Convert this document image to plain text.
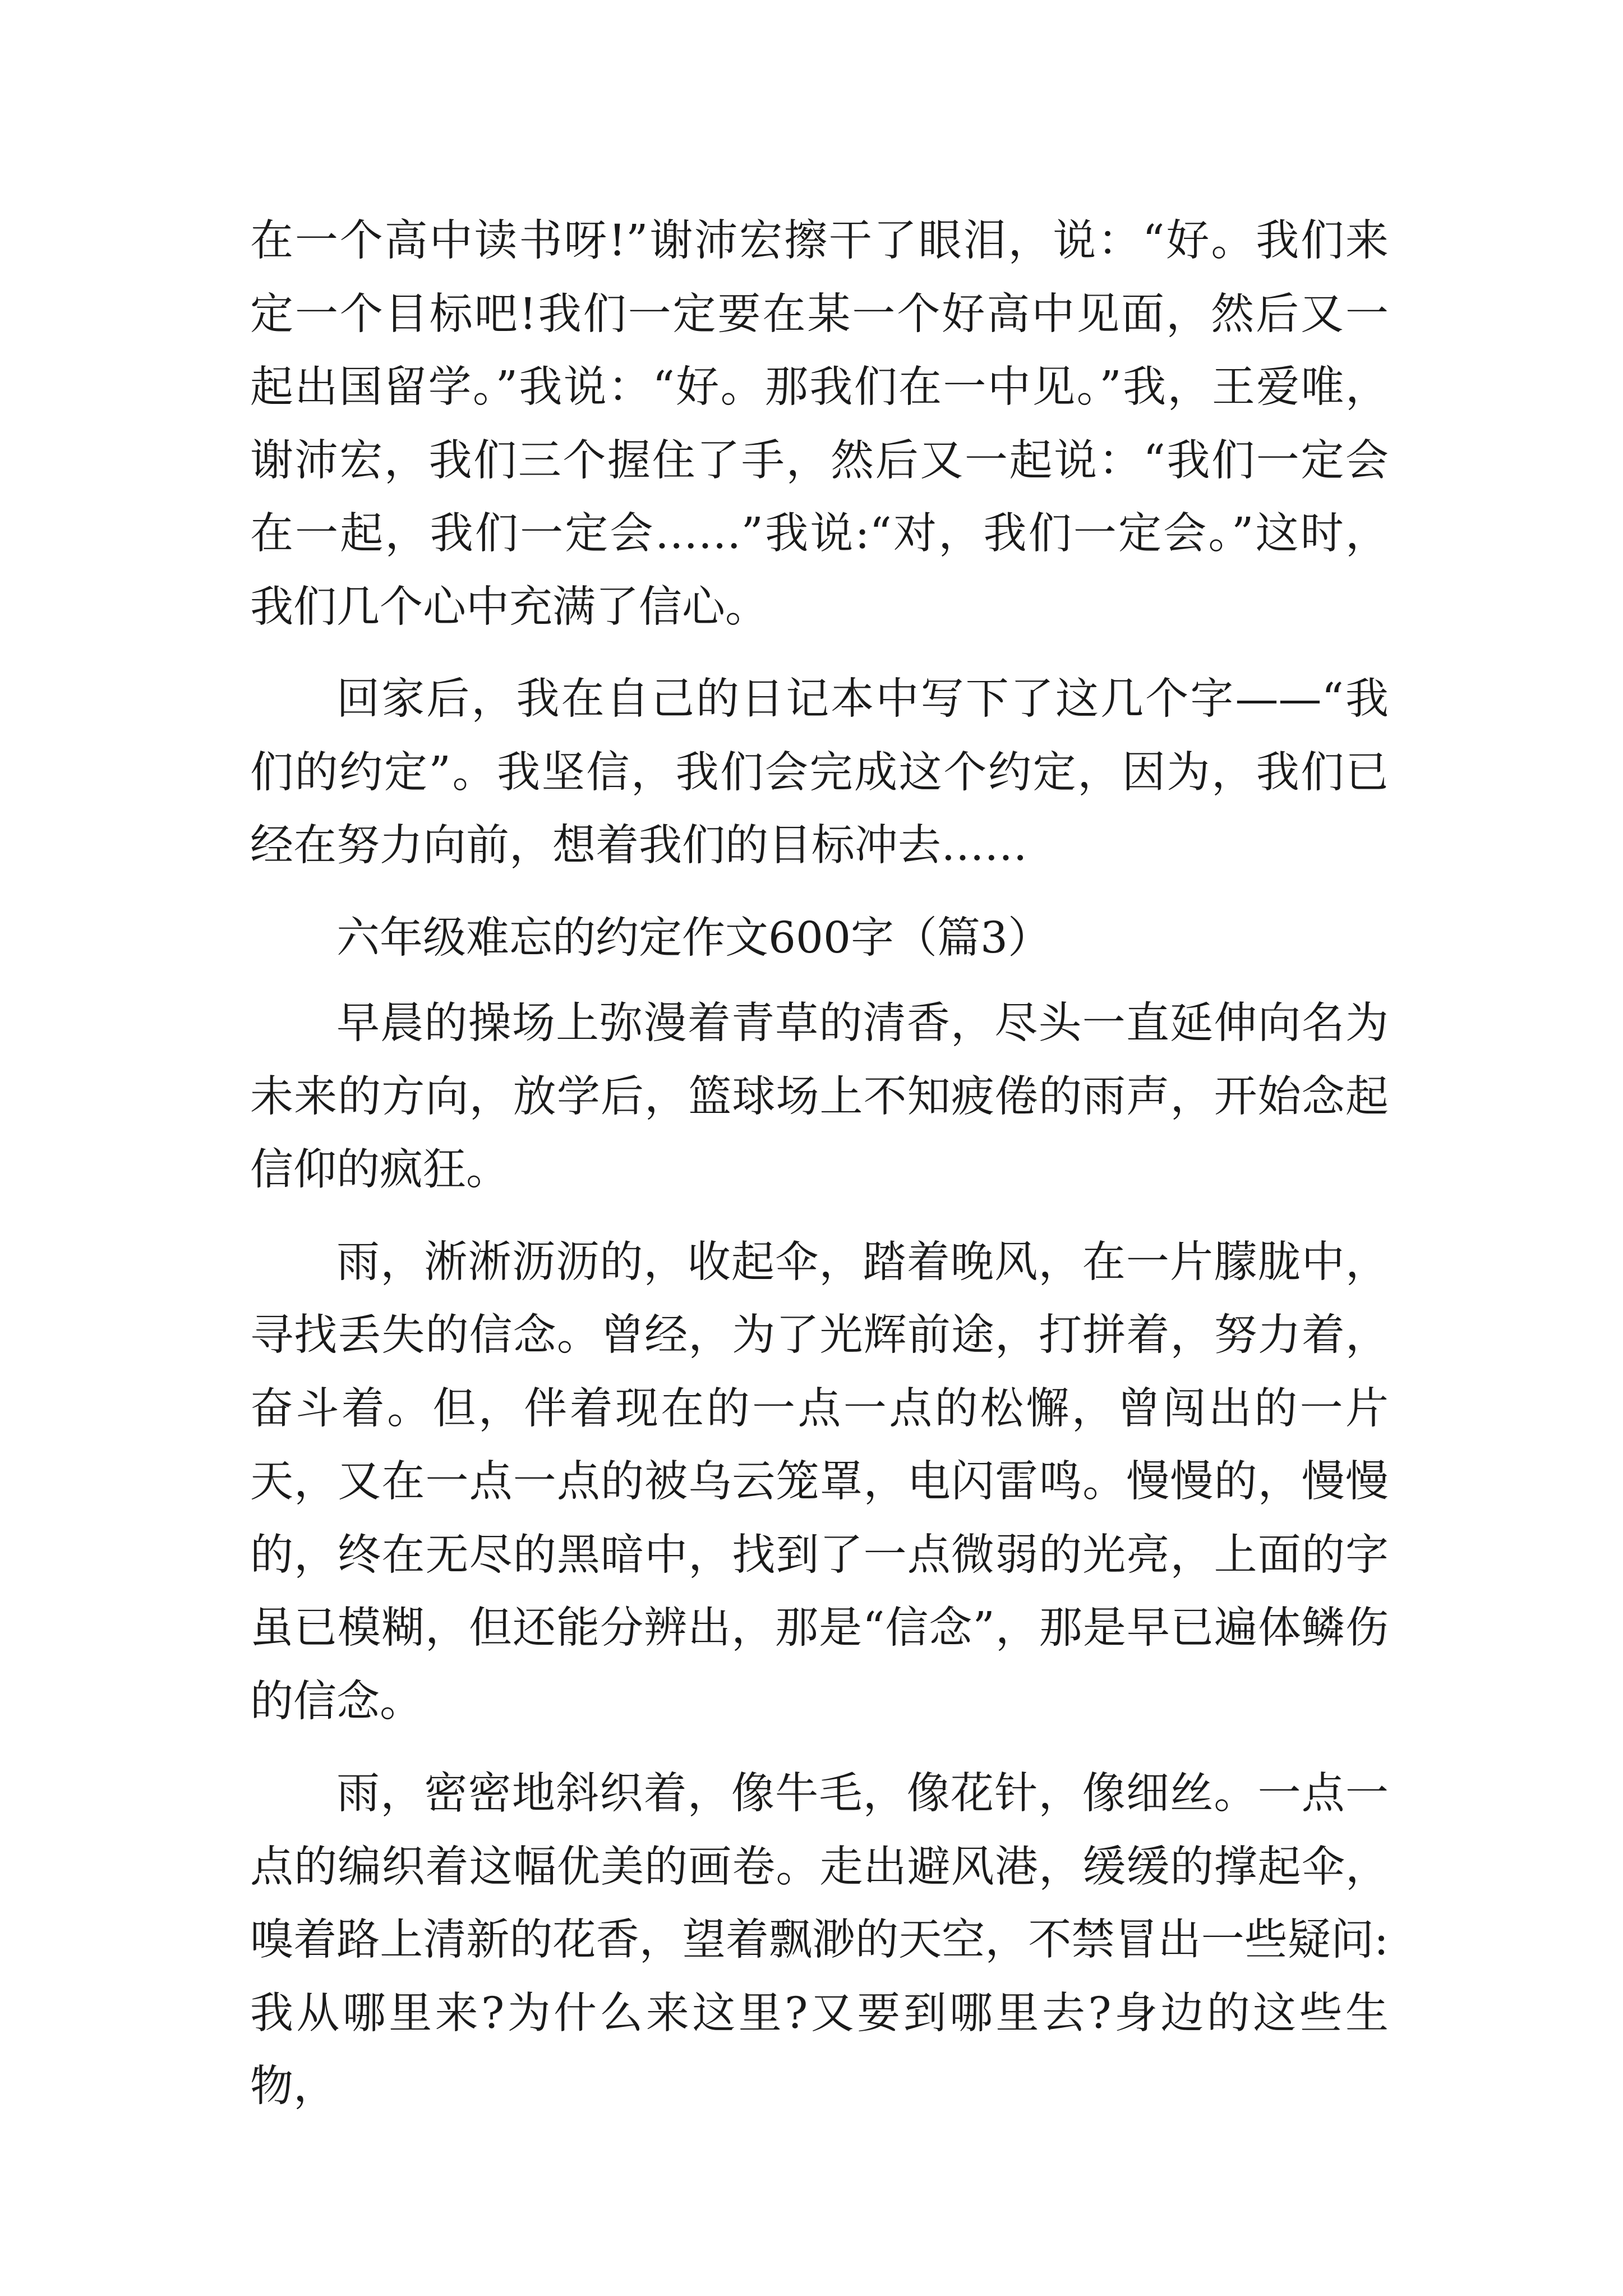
在一个高中读书呀!”谢沛宏擦干了眼泪，说：“好。我们来定一个目标吧!我们一定要在某一个好高中见面，然后又一起出国留学。”我说：“好。那我们在一中见。”我，王爱唯，谢沛宏，我们三个握住了手，然后又一起说：“我们一定会在一起，我们一定会……”我说:“对，我们一定会。”这时，我们几个心中充满了信心。

回家后，我在自己的日记本中写下了这几个字——“我们的约定”。我坚信，我们会完成这个约定，因为，我们已经在努力向前，想着我们的目标冲去……

六年级难忘的约定作文600字（篇3）

早晨的操场上弥漫着青草的清香，尽头一直延伸向名为未来的方向，放学后，篮球场上不知疲倦的雨声，开始念起信仰的疯狂。

雨，淅淅沥沥的，收起伞，踏着晚风，在一片朦胧中，寻找丢失的信念。曾经，为了光辉前途，打拼着，努力着，奋斗着。但，伴着现在的一点一点的松懈，曾闯出的一片天，又在一点一点的被乌云笼罩，电闪雷鸣。慢慢的，慢慢的，终在无尽的黑暗中，找到了一点微弱的光亮，上面的字虽已模糊，但还能分辨出，那是“信念”，那是早已遍体鳞伤的信念。

雨，密密地斜织着，像牛毛，像花针，像细丝。一点一点的编织着这幅优美的画卷。走出避风港，缓缓的撑起伞，嗅着路上清新的花香，望着飘渺的天空，不禁冒出一些疑问:我从哪里来?为什么来这里?又要到哪里去?身边的这些生物，
